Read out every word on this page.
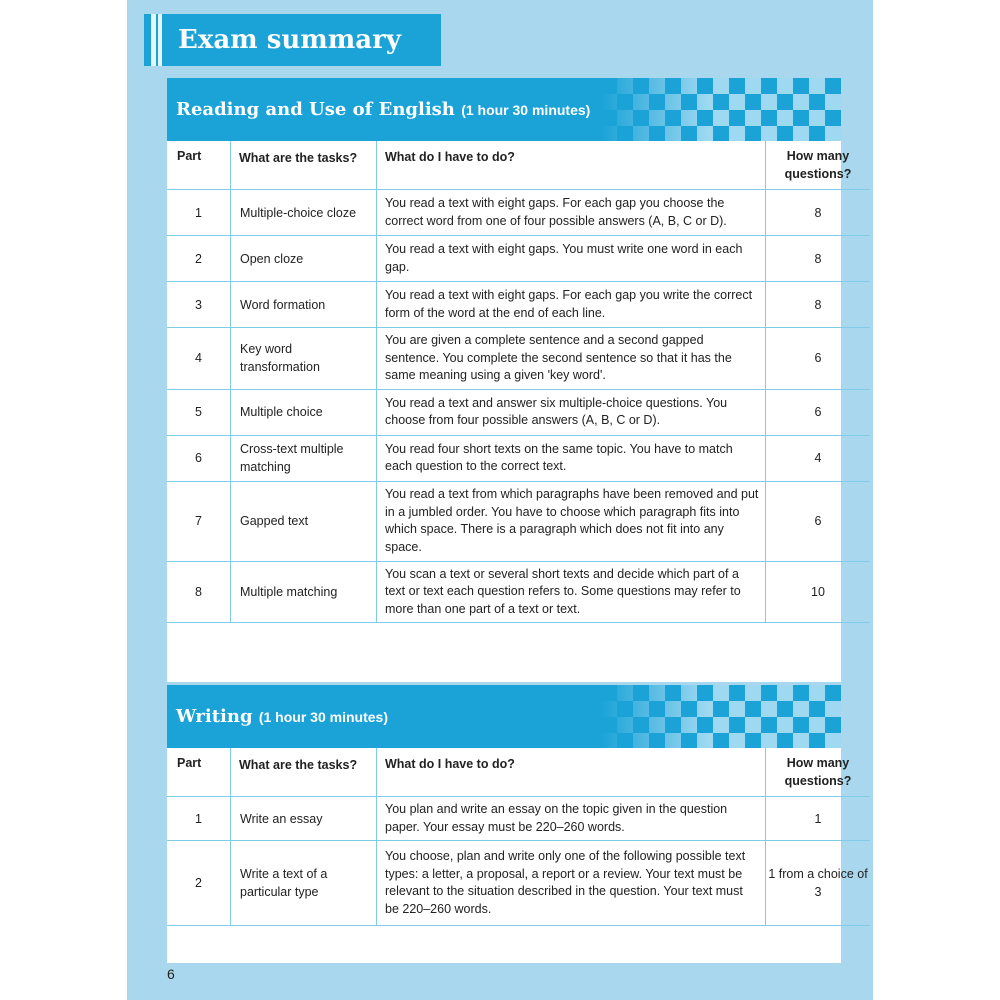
Exam summary
Reading and Use of English (1 hour 30 minutes)
Part	What are the tasks?	What do I have to do?	How many questions?
1	Multiple-choice cloze	You read a text with eight gaps. For each gap you choose the correct word from one of four possible answers (A, B, C or D).	8
2	Open cloze	You read a text with eight gaps. You must write one word in each gap.	8
3	Word formation	You read a text with eight gaps. For each gap you write the correct form of the word at the end of each line.	8
4	Key word transformation	You are given a complete sentence and a second gapped sentence. You complete the second sentence so that it has the same meaning using a given 'key word'.	6
5	Multiple choice	You read a text and answer six multiple-choice questions. You choose from four possible answers (A, B, C or D).	6
6	Cross-text multiple matching	You read four short texts on the same topic. You have to match each question to the correct text.	4
7	Gapped text	You read a text from which paragraphs have been removed and put in a jumbled order. You have to choose which paragraph fits into which space. There is a paragraph which does not fit into any space.	6
8	Multiple matching	You scan a text or several short texts and decide which part of a text or text each question refers to. Some questions may refer to more than one part of a text or text.	10
Writing (1 hour 30 minutes)
Part	What are the tasks?	What do I have to do?	How many questions?
1	Write an essay	You plan and write an essay on the topic given in the question paper. Your essay must be 220–260 words.	1
2	Write a text of a particular type	You choose, plan and write only one of the following possible text types: a letter, a proposal, a report or a review. Your text must be relevant to the situation described in the question. Your text must be 220–260 words.	1 from a choice of 3
6
